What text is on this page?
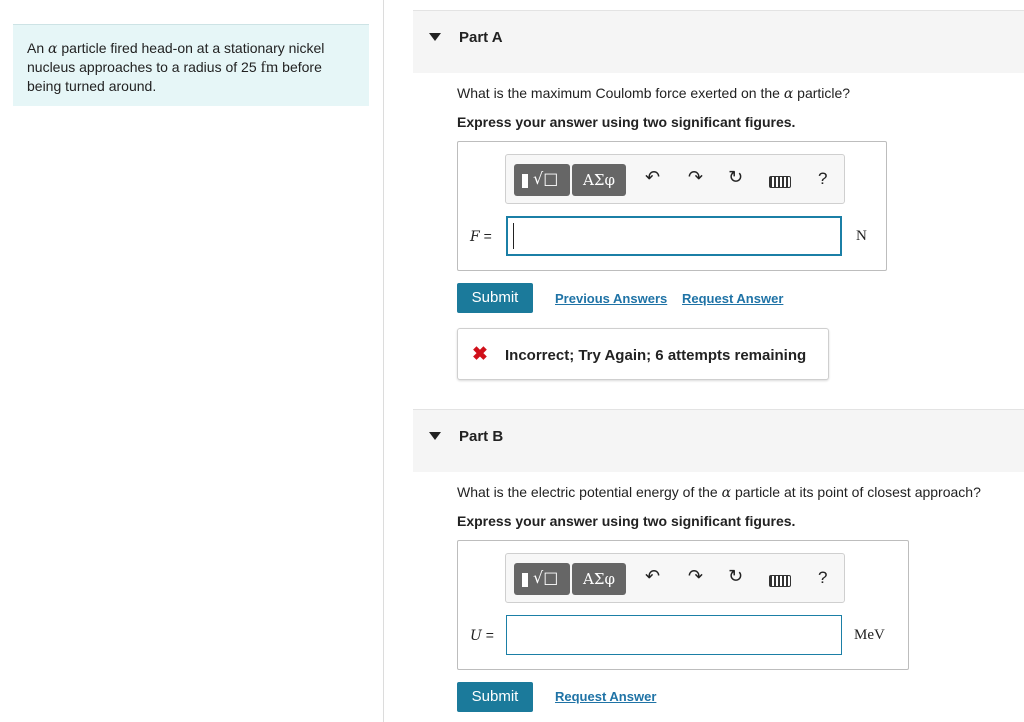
An α particle fired head-on at a stationary nickel nucleus approaches to a radius of 25 fm before being turned around.
Part A
What is the maximum Coulomb force exerted on the α particle?
Express your answer using two significant figures.
√□	ΑΣφ	↶ ↷ ↻	?
F =	N
Submit	Previous Answers Request Answer
✖ Incorrect; Try Again; 6 attempts remaining
Part B
What is the electric potential energy of the α particle at its point of closest approach?
Express your answer using two significant figures.
√□	ΑΣφ	↶ ↷ ↻	?
U =	MeV
Submit	Request Answer
